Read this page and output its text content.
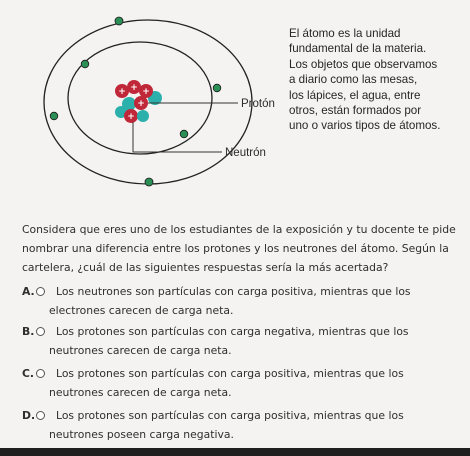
+ + +
+
+
Protón
Neutrón
El átomo es la unidad
fundamental de la materia.
Los objetos que observamos
a diario como las mesas,
los lápices, el agua, entre
otros, están formados por
uno o varios tipos de átomos.
Considera que eres uno de los estudiantes de la exposición y tu docente te pide
nombrar una diferencia entre los protones y los neutrones del átomo. Según la
cartelera, ¿cuál de las siguientes respuestas sería la más acertada?
A. Los neutrones son partículas con carga positiva, mientras que los
electrones carecen de carga neta.
B. Los protones son partículas con carga negativa, mientras que los
neutrones carecen de carga neta.
C. Los protones son partículas con carga positiva, mientras que los
neutrones carecen de carga neta.
D. Los protones son partículas con carga positiva, mientras que los
neutrones poseen carga negativa.
